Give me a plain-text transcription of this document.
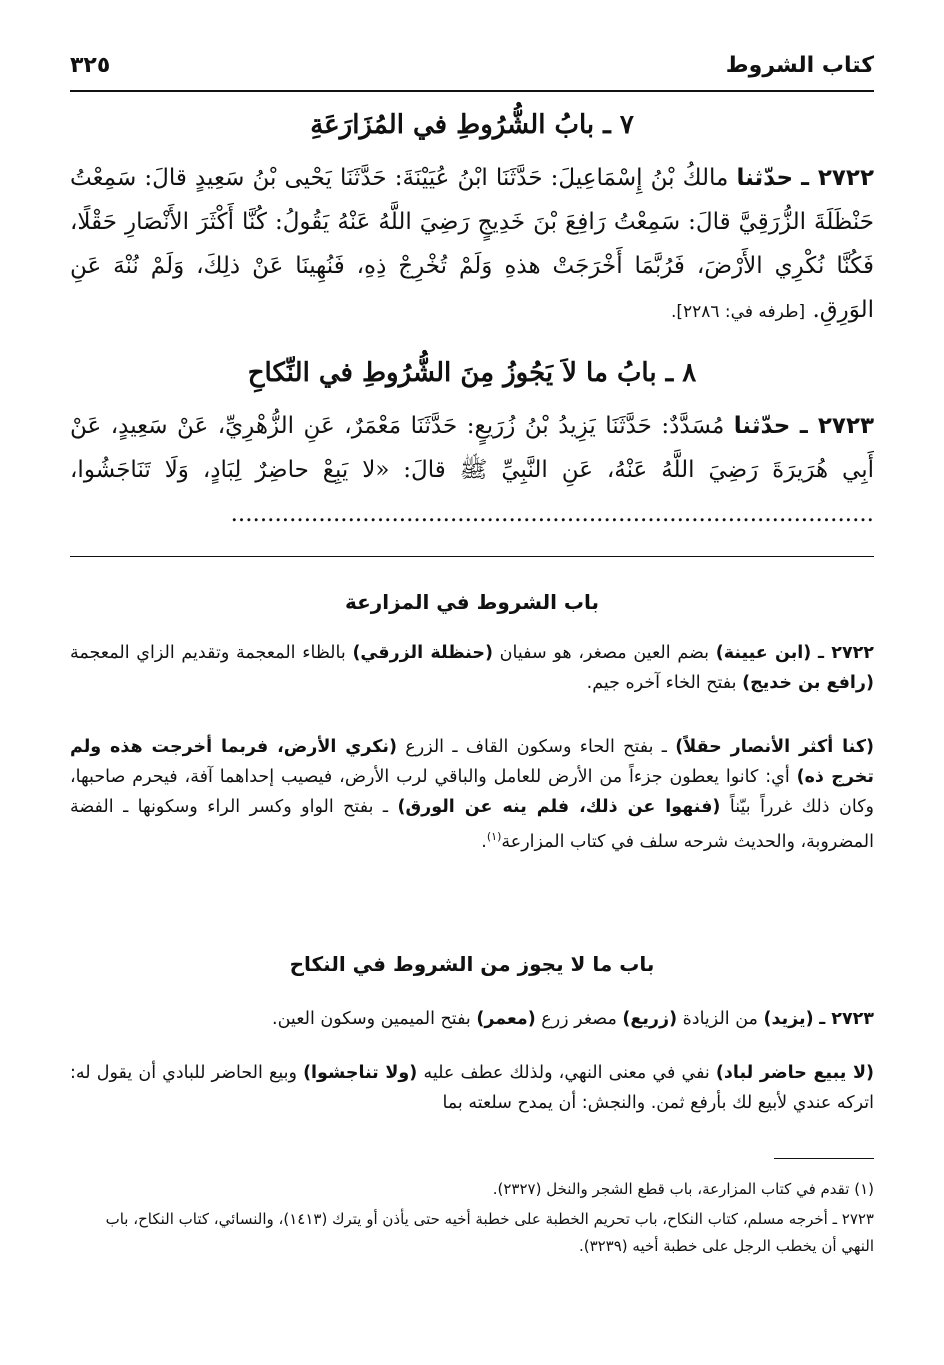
كتاب الشروط
٣٢٥
٧ ـ بابُ الشُّرُوطِ في المُزَارَعَةِ
٢٧٢٢ ـ حدّثنا مالكُ بْنُ إِسْمَاعِيلَ: حَدَّثَنَا ابْنُ عُيَيْنَةَ: حَدَّثَنَا يَحْيى بْنُ سَعِيدٍ قالَ: سَمِعْتُ حَنْظَلَةَ الزُّرَقِيَّ قالَ: سَمِعْتُ رَافِعَ بْنَ خَدِيجٍ رَضِيَ اللَّهُ عَنْهُ يَقُولُ: كُنَّا أَكْثَرَ الأَنْصَارِ حَقْلًا، فَكُنَّا نُكْرِي الأَرْضَ، فَرُبَّمَا أَخْرَجَتْ هذهِ وَلَمْ تُخْرِجْ ذِهِ، فَنُهِينَا عَنْ ذلِكَ، وَلَمْ نُنْهَ عَنِ الوَرِقِ. [طرفه في: ٢٢٨٦].
٨ ـ بابُ ما لاَ يَجُوزُ مِنَ الشُّرُوطِ في النِّكاحِ
٢٧٢٣ ـ حدّثنا مُسَدَّدٌ: حَدَّثَنَا يَزِيدُ بْنُ زُرَيعٍ: حَدَّثَنَا مَعْمَرٌ، عَنِ الزُّهْرِيِّ، عَنْ سَعِيدٍ، عَنْ أَبِي هُرَيرَةَ رَضِيَ اللَّهُ عَنْهُ، عَنِ النَّبِيِّ ﷺ قالَ: «لا يَبِعْ حاضِرٌ لِبَادٍ، وَلَا تَنَاجَشُوا، ........................................................................................
باب الشروط في المزارعة
٢٧٢٢ ـ (ابن عيينة) بضم العين مصغر، هو سفيان (حنظلة الزرقي) بالظاء المعجمة وتقديم الزاي المعجمة (رافع بن خديج) بفتح الخاء آخره جيم.
(كنا أكثر الأنصار حقلاً) ـ بفتح الحاء وسكون القاف ـ الزرع (نكري الأرض، فربما أخرجت هذه ولم تخرج ذه) أي: كانوا يعطون جزءاً من الأرض للعامل والباقي لرب الأرض، فيصيب إحداهما آفة، فيحرم صاحبها، وكان ذلك غرراً بيّناً (فنهوا عن ذلك، فلم ينه عن الورق) ـ بفتح الواو وكسر الراء وسكونها ـ الفضة المضروبة، والحديث شرحه سلف في كتاب المزارعة$^{(١)}$.
باب ما لا يجوز من الشروط في النكاح
٢٧٢٣ ـ (يزيد) من الزيادة (زريع) مصغر زرع (معمر) بفتح الميمين وسكون العين.
(لا يبيع حاضر لباد) نفي في معنى النهي، ولذلك عطف عليه (ولا تناجشوا) وبيع الحاضر للبادي أن يقول له: اتركه عندي لأبيع لك بأرفع ثمن. والنجش: أن يمدح سلعته بما
(١) تقدم في كتاب المزارعة، باب قطع الشجر والنخل (٢٣٢٧).
٢٧٢٣ ـ أخرجه مسلم، كتاب النكاح، باب تحريم الخطبة على خطبة أخيه حتى يأذن أو يترك (١٤١٣)، والنسائي، كتاب النكاح، باب النهي أن يخطب الرجل على خطبة أخيه (٣٢٣٩).
